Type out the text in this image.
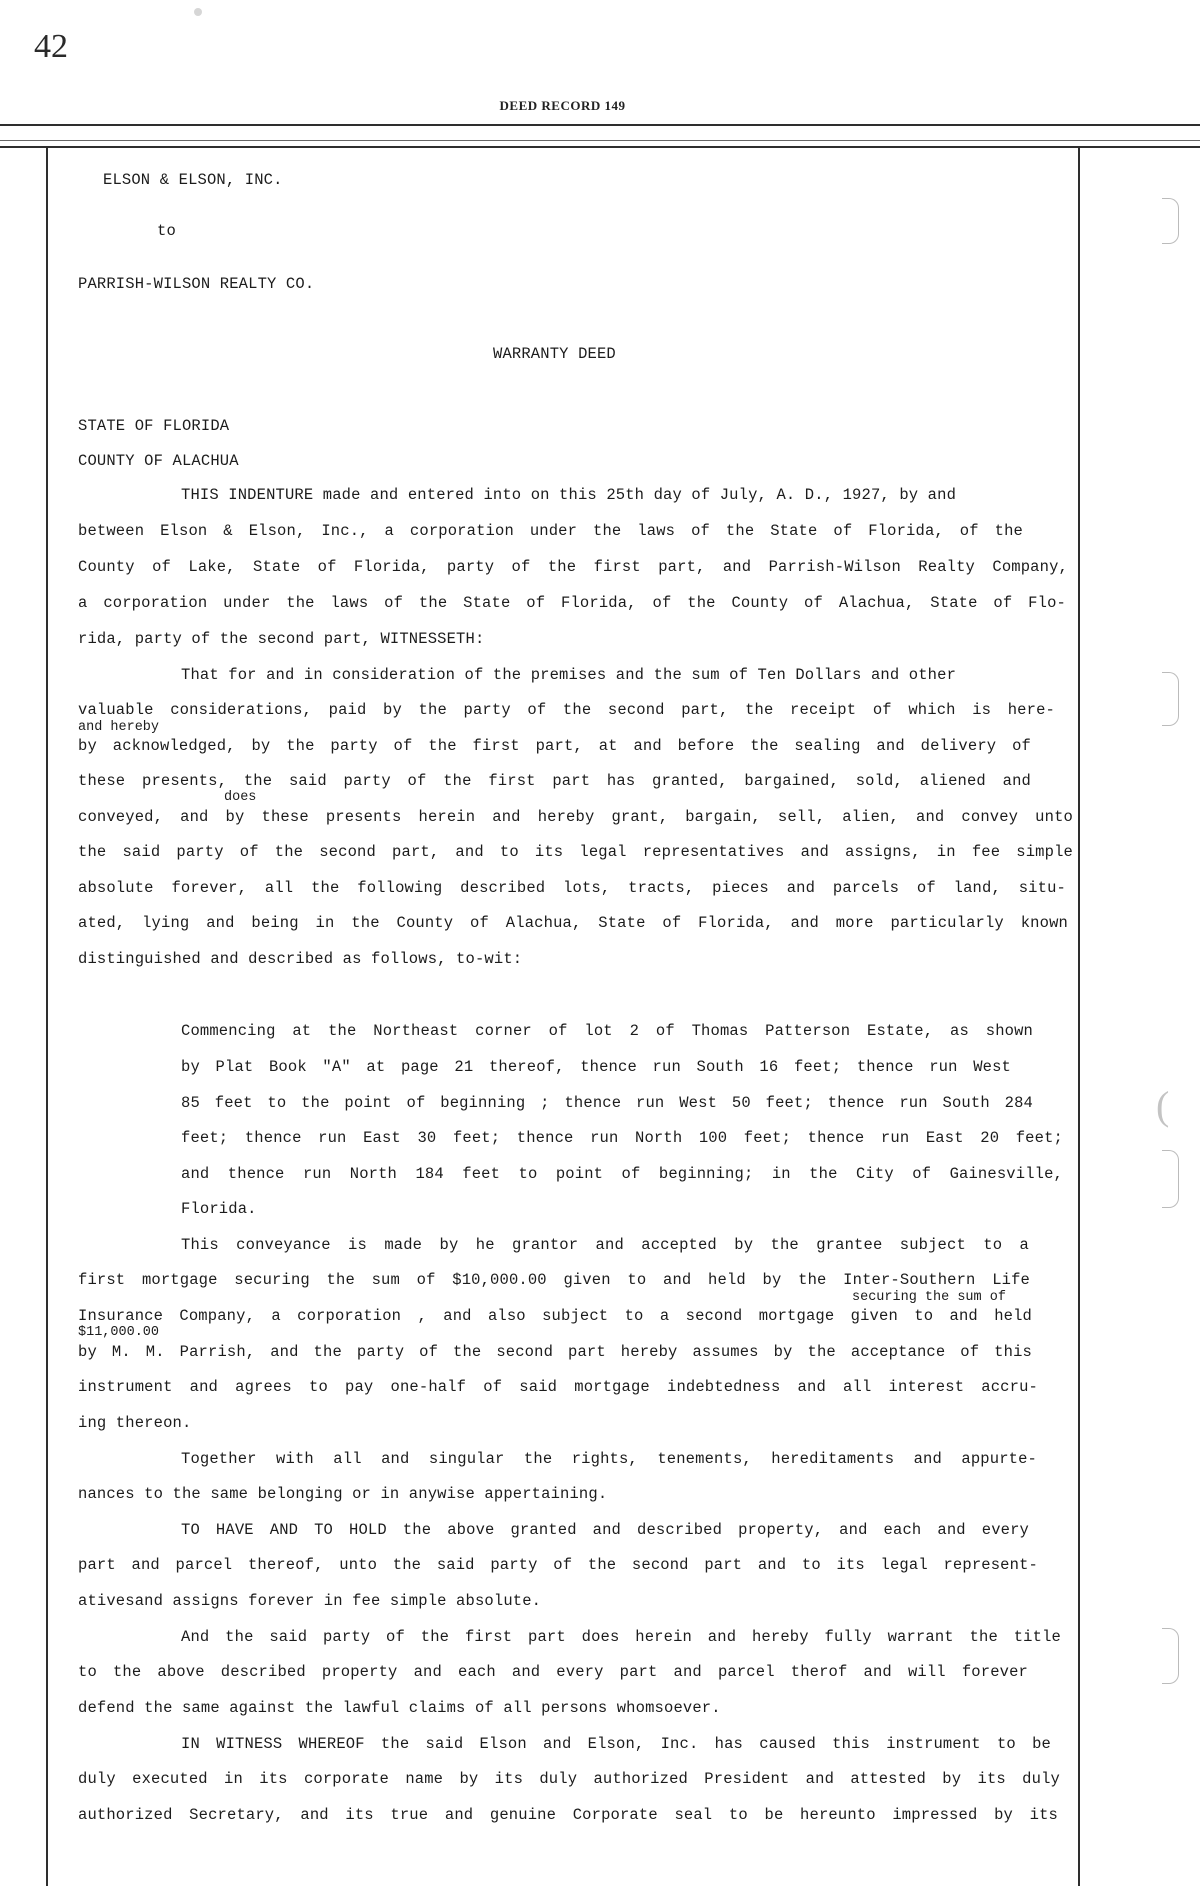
42
DEED RECORD 149
(
ELSON & ELSON, INC.
to
PARRISH-WILSON REALTY CO.
WARRANTY DEED
STATE OF FLORIDA
COUNTY OF ALACHUA
THIS INDENTURE made and entered into on this 25th day of July, A. D., 1927, by and
between Elson & Elson, Inc., a corporation under the laws of the State of Florida, of the
County of Lake, State of Florida, party of the first part, and Parrish-Wilson Realty Company,
a corporation under the laws of the State of Florida, of the County of Alachua, State of Flo-
rida, party of the second part, WITNESSETH:
That for and in consideration of the premises and the sum of Ten Dollars and other
valuable considerations, paid by the party of the second part, the receipt of which is here-
and hereby
by acknowledged, by the party of the first part, at and before the sealing and delivery of
these presents, the said party of the first part has granted, bargained, sold, aliened and
does
conveyed, and by these presents herein and hereby grant, bargain, sell, alien, and convey unto
the said party of the second part, and to its legal representatives and assigns, in fee simple
absolute forever, all the following described lots, tracts, pieces and parcels of land, situ-
ated, lying and being in the County of Alachua, State of Florida, and more particularly known
distinguished and described as follows, to-wit:
Commencing at the Northeast corner of lot 2 of Thomas Patterson Estate, as shown
by Plat Book "A" at page 21 thereof, thence run South 16 feet; thence run West
85 feet to the point of beginning ; thence run West 50 feet; thence run South 284
feet; thence run East 30 feet; thence run North 100 feet; thence run East 20 feet;
and thence run North 184 feet to point of beginning; in the City of Gainesville,
Florida.
This conveyance is made by he grantor and accepted by the grantee subject to a
first mortgage securing the sum of $10,000.00 given to and held by the Inter-Southern Life
securing the sum of
Insurance Company, a corporation , and also subject to a second mortgage given to and held
$11,000.00
by M. M. Parrish, and the party of the second part hereby assumes by the acceptance of this
instrument and agrees to pay one-half of said mortgage indebtedness and all interest accru-
ing thereon.
Together with all and singular the rights, tenements, hereditaments and appurte-
nances to the same belonging or in anywise appertaining.
TO HAVE AND TO HOLD the above granted and described property, and each and every
part and parcel thereof, unto the said party of the second part and to its legal represent-
ativesand assigns forever in fee simple absolute.
And the said party of the first part does herein and hereby fully warrant the title
to the above described property and each and every part and parcel therof and will forever
defend the same against the lawful claims of all persons whomsoever.
IN WITNESS WHEREOF the said Elson and Elson, Inc. has caused this instrument to be
duly executed in its corporate name by its duly authorized President and attested by its duly
authorized Secretary, and its true and genuine Corporate seal to be hereunto impressed by its
